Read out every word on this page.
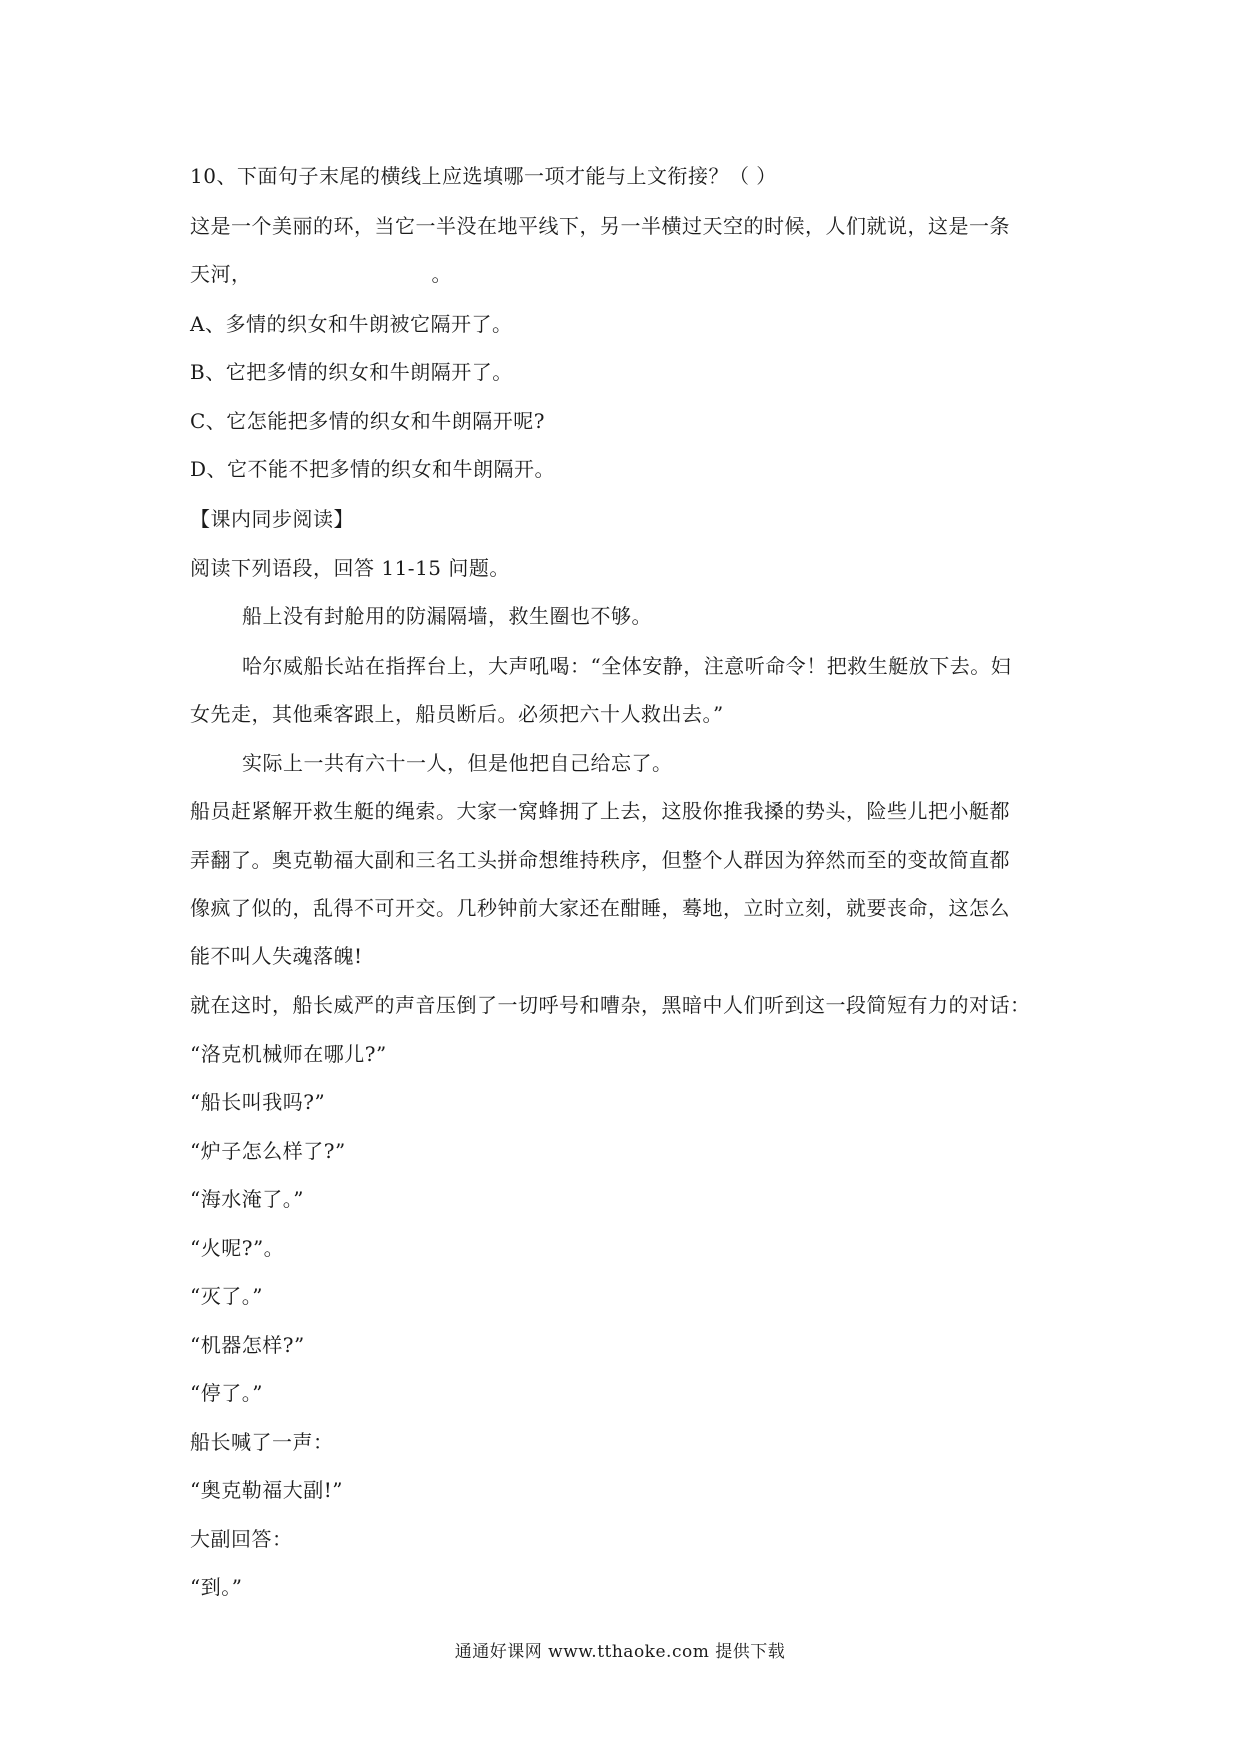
10、下面句子末尾的横线上应选填哪一项才能与上文衔接？（ ）
这是一个美丽的环，当它一半没在地平线下，另一半横过天空的时候，人们就说，这是一条
天河，	。
A、多情的织女和牛朗被它隔开了。
B、它把多情的织女和牛朗隔开了。
C、它怎能把多情的织女和牛朗隔开呢?
D、它不能不把多情的织女和牛朗隔开。
【课内同步阅读】
阅读下列语段，回答 11-15 问题。
船上没有封舱用的防漏隔墙，救生圈也不够。
哈尔威船长站在指挥台上，大声吼喝：“全体安静，注意听命令！把救生艇放下去。妇
女先走，其他乘客跟上，船员断后。必须把六十人救出去。”
实际上一共有六十一人，但是他把自己给忘了。
船员赶紧解开救生艇的绳索。大家一窝蜂拥了上去，这股你推我搡的势头，险些儿把小艇都
弄翻了。奥克勒福大副和三名工头拼命想维持秩序，但整个人群因为猝然而至的变故简直都
像疯了似的，乱得不可开交。几秒钟前大家还在酣睡，蓦地，立时立刻，就要丧命，这怎么
能不叫人失魂落魄!
就在这时，船长威严的声音压倒了一切呼号和嘈杂，黑暗中人们听到这一段简短有力的对话：
“洛克机械师在哪儿?”
“船长叫我吗?”
“炉子怎么样了?”
“海水淹了。”
“火呢?”。
“灭了。”
“机器怎样?”
“停了。”
船长喊了一声：
“奥克勒福大副!”
大副回答：
“到。”
通通好课网 www.tthaoke.com 提供下载
